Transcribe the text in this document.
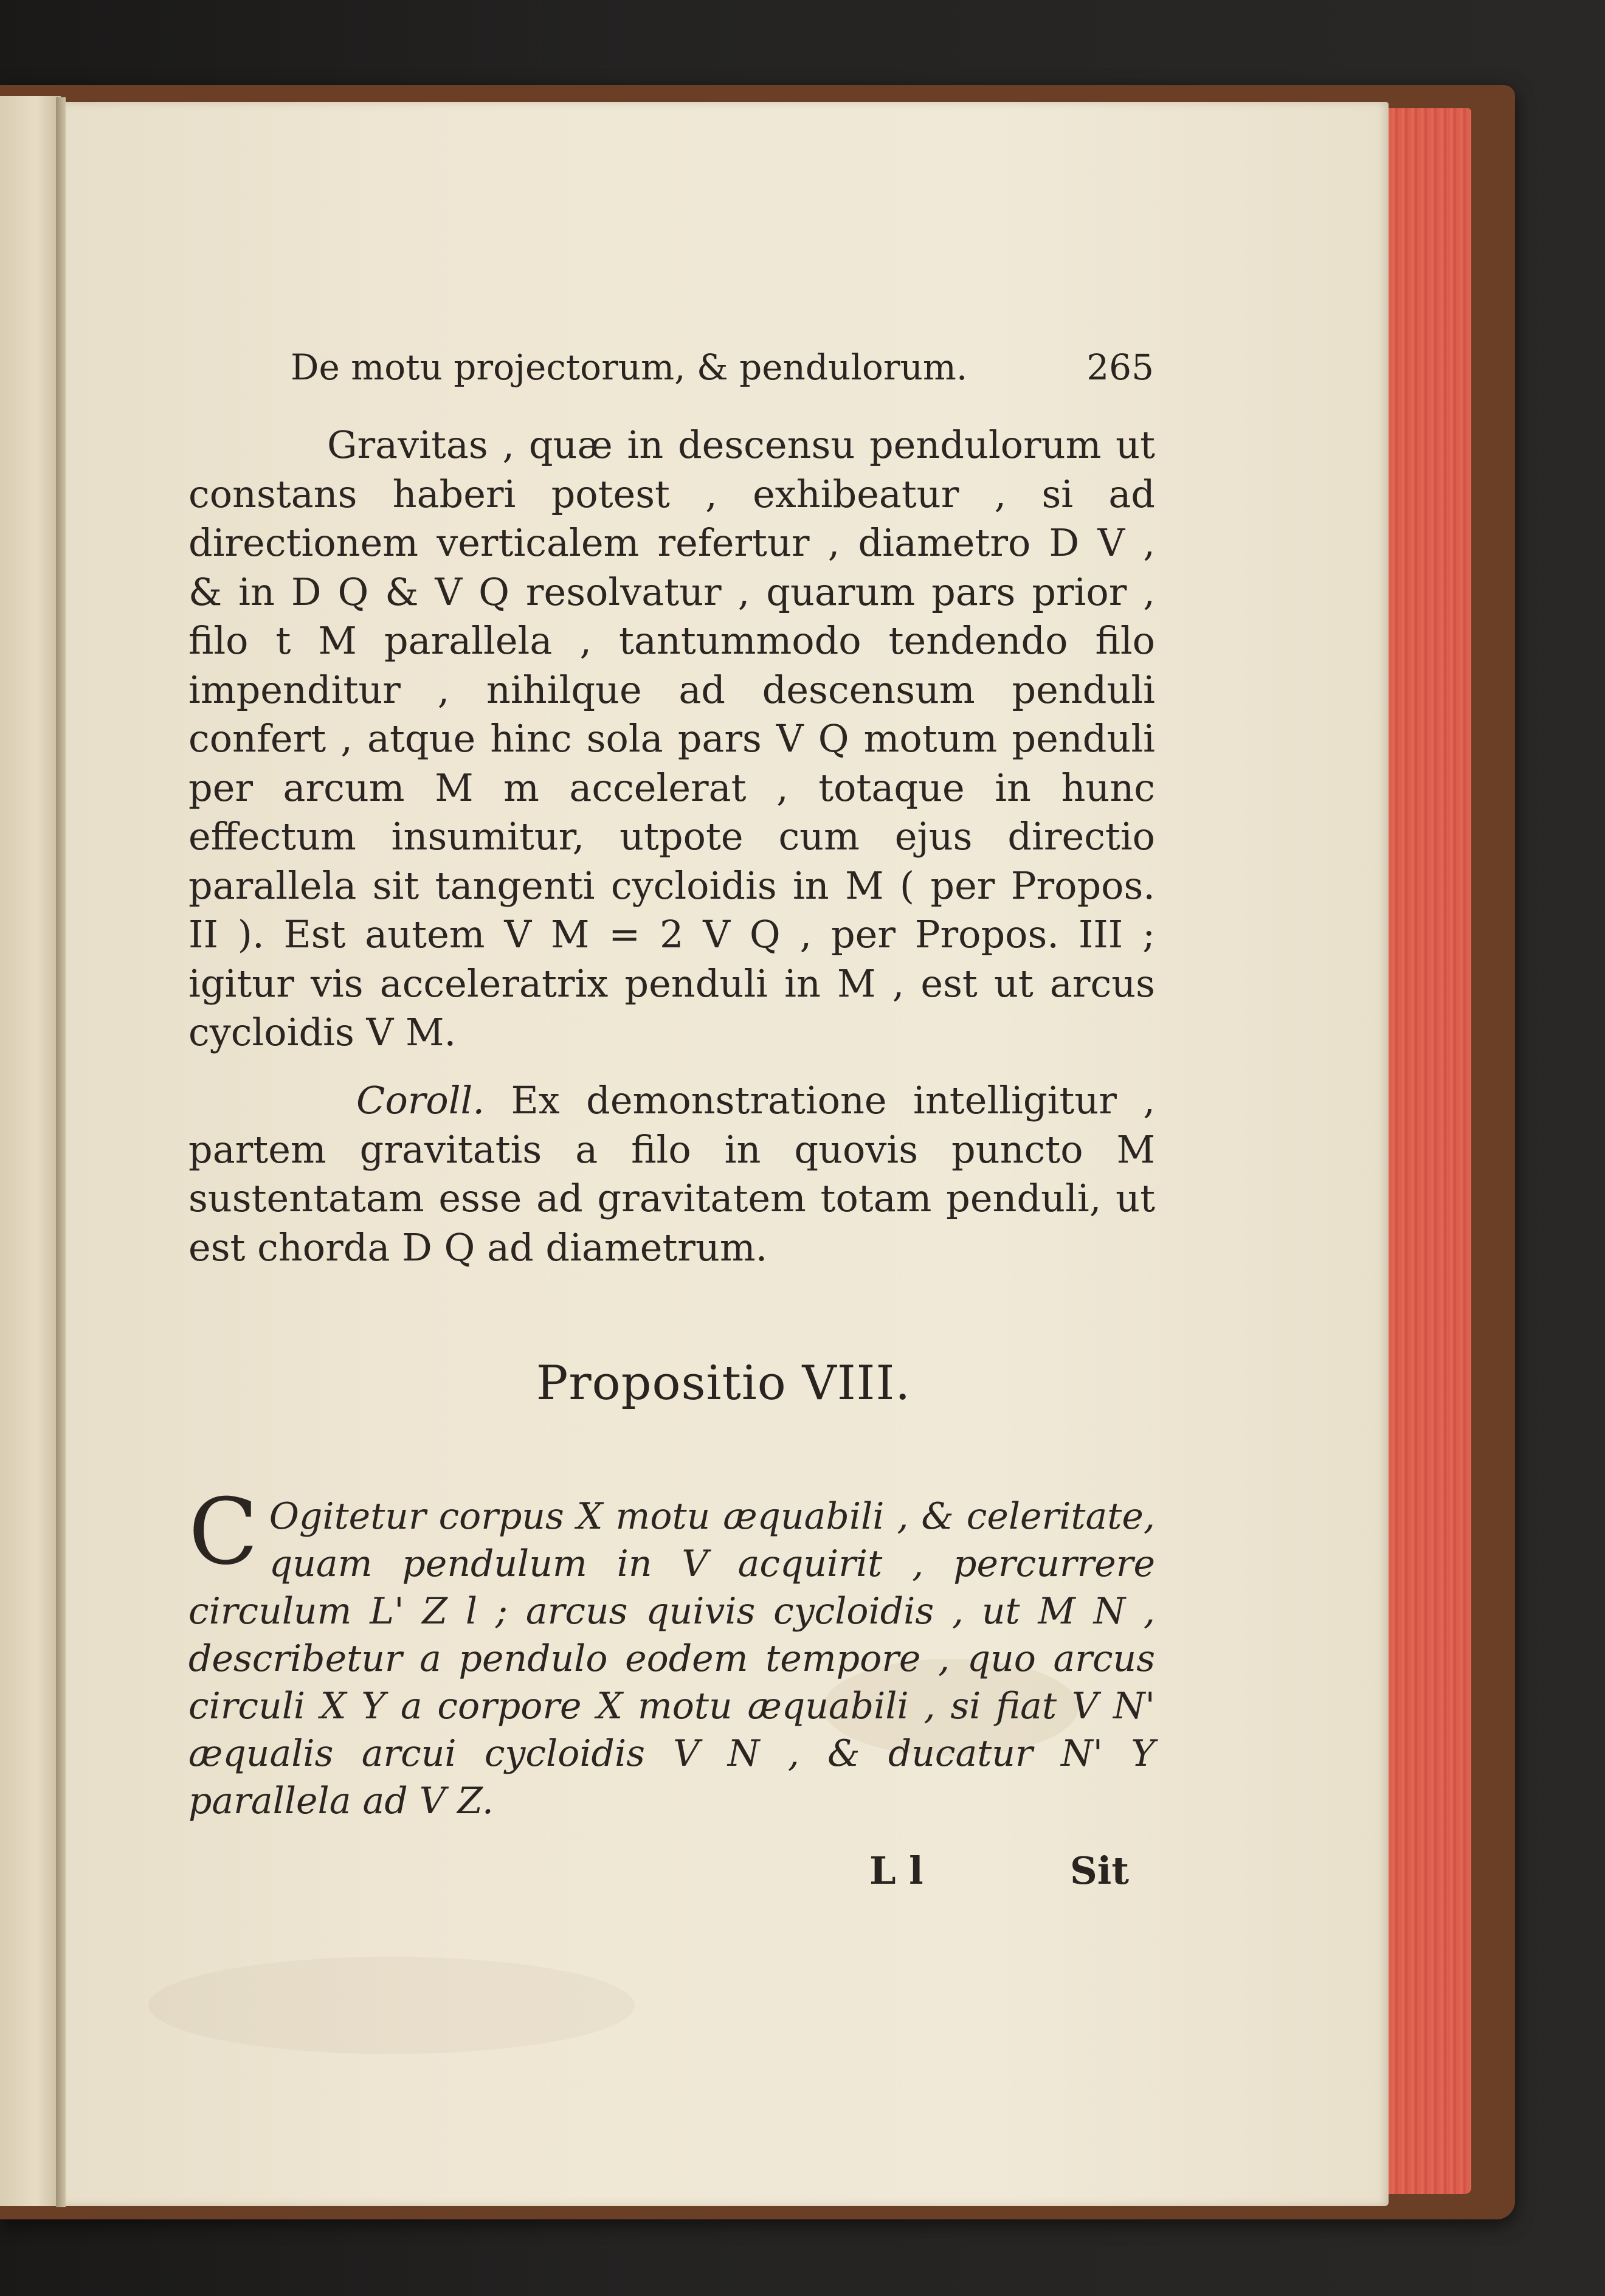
De motu projectorum, & pendulorum.	265

Gravitas , quæ in descensu pendulorum ut constans haberi potest , exhibeatur , si ad directionem verticalem refertur , diametro D V , & in D Q & V Q resolvatur , quarum pars prior , filo t M parallela , tantummodo tendendo filo impenditur , nihilque ad descensum penduli confert , atque hinc sola pars V Q motum penduli per arcum M m accelerat , totaque in hunc effectum insumitur, utpote cum ejus directio parallela sit tangenti cycloidis in M ( per Propos. II ). Est autem V M = 2 V Q , per Propos. III ; igitur vis acceleratrix penduli in M , est ut arcus cycloidis V M.

Coroll. Ex demonstratione intelligitur , partem gravitatis a filo in quovis puncto M sustentatam esse ad gravitatem totam penduli, ut est chorda D Q ad diametrum.

Propositio VIII.
C Ogitetur corpus X motu æquabili , & celeritate, quam pendulum in V acquirit , percurrere circulum L' Z l ; arcus quivis cycloidis , ut M N , describetur a pendulo eodem tempore , quo arcus circuli X Y a corpore X motu æquabili , si fiat V N' æqualis arcui cycloidis V N , & ducatur N' Y parallela ad V Z.
L l	Sit
